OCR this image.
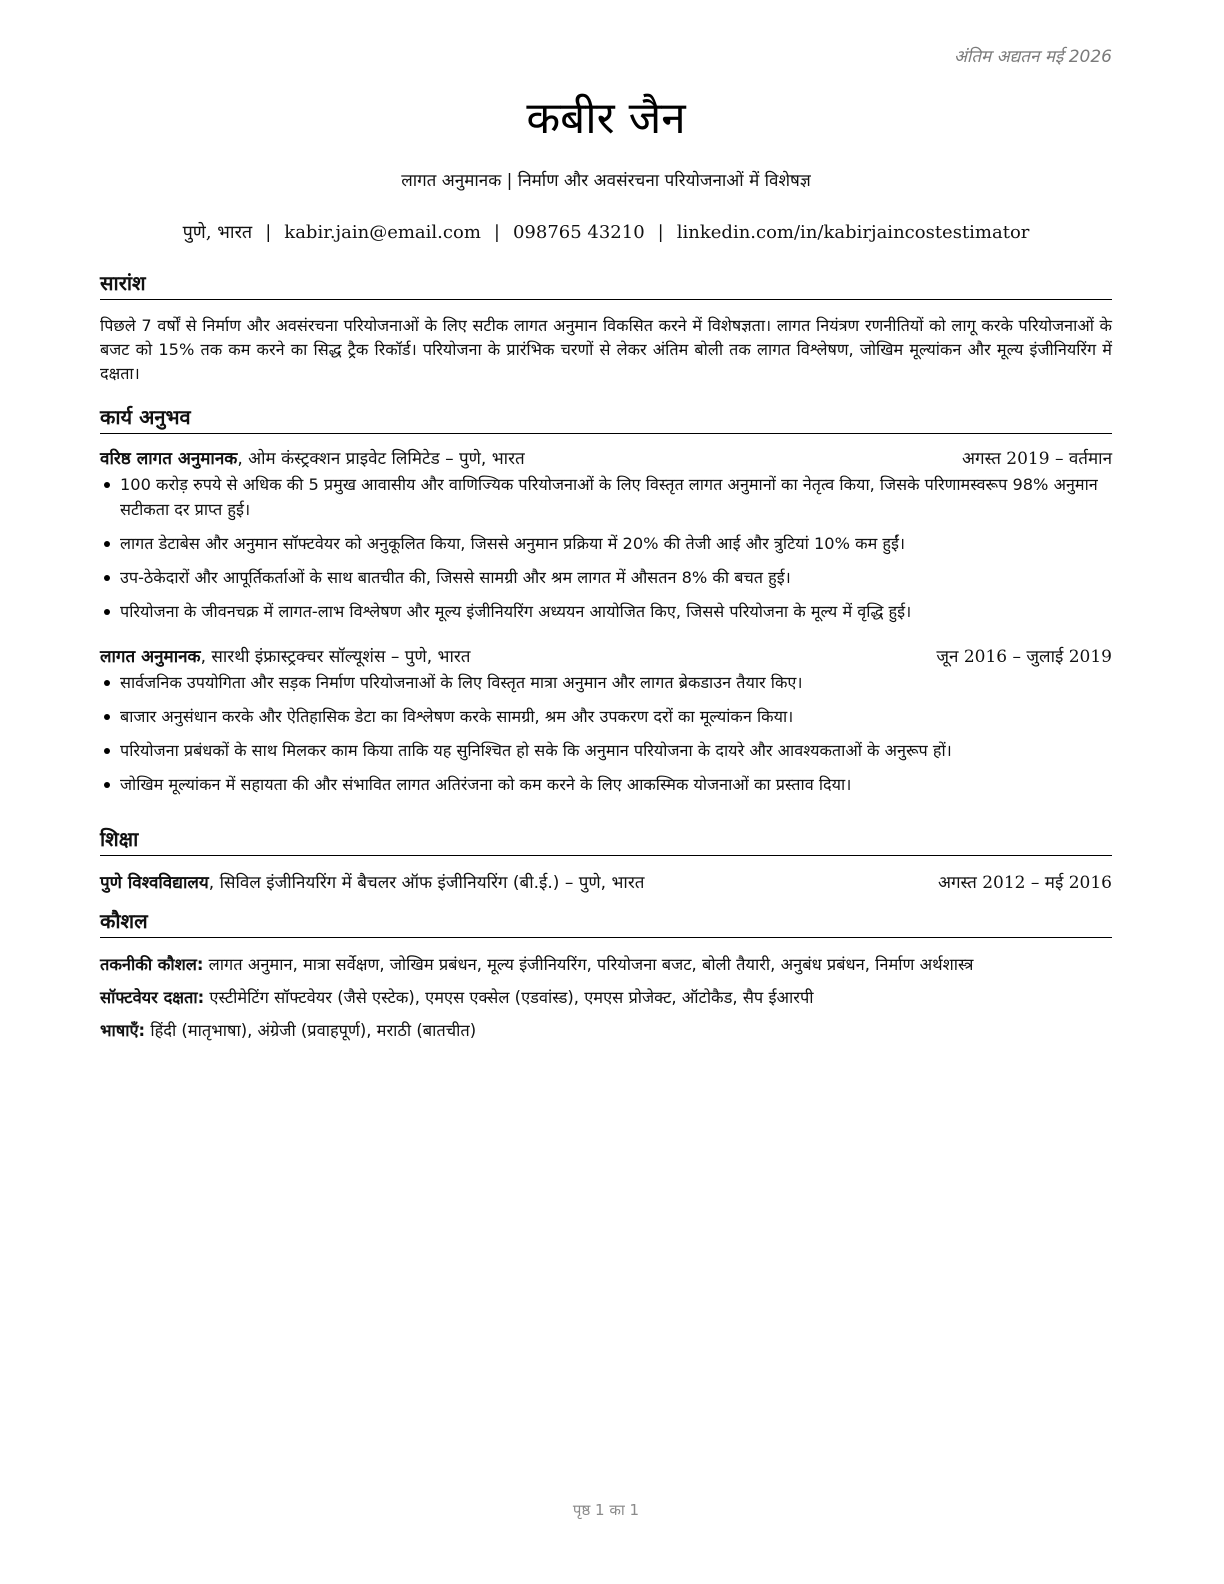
अंतिम अद्यतन मई 2026
कबीर जैन
लागत अनुमानक | निर्माण और अवसंरचना परियोजनाओं में विशेषज्ञ
पुणे, भारत | kabir.jain@email.com | 098765 43210 | linkedin.com/in/kabirjaincostestimator
सारांश
पिछले 7 वर्षों से निर्माण और अवसंरचना परियोजनाओं के लिए सटीक लागत अनुमान विकसित करने में विशेषज्ञता। लागत नियंत्रण रणनीतियों को लागू करके परियोजनाओं के बजट को 15% तक कम करने का सिद्ध ट्रैक रिकॉर्ड। परियोजना के प्रारंभिक चरणों से लेकर अंतिम बोली तक लागत विश्लेषण, जोखिम मूल्यांकन और मूल्य इंजीनियरिंग में दक्षता।
कार्य अनुभव
वरिष्ठ लागत अनुमानक, ओम कंस्ट्रक्शन प्राइवेट लिमिटेड – पुणे, भारत	अगस्त 2019 – वर्तमान
100 करोड़ रुपये से अधिक की 5 प्रमुख आवासीय और वाणिज्यिक परियोजनाओं के लिए विस्तृत लागत अनुमानों का नेतृत्व किया, जिसके परिणामस्वरूप 98% अनुमान सटीकता दर प्राप्त हुई।
लागत डेटाबेस और अनुमान सॉफ्टवेयर को अनुकूलित किया, जिससे अनुमान प्रक्रिया में 20% की तेजी आई और त्रुटियां 10% कम हुईं।
उप-ठेकेदारों और आपूर्तिकर्ताओं के साथ बातचीत की, जिससे सामग्री और श्रम लागत में औसतन 8% की बचत हुई।
परियोजना के जीवनचक्र में लागत-लाभ विश्लेषण और मूल्य इंजीनियरिंग अध्ययन आयोजित किए, जिससे परियोजना के मूल्य में वृद्धि हुई।
लागत अनुमानक, सारथी इंफ्रास्ट्रक्चर सॉल्यूशंस – पुणे, भारत	जून 2016 – जुलाई 2019
सार्वजनिक उपयोगिता और सड़क निर्माण परियोजनाओं के लिए विस्तृत मात्रा अनुमान और लागत ब्रेकडाउन तैयार किए।
बाजार अनुसंधान करके और ऐतिहासिक डेटा का विश्लेषण करके सामग्री, श्रम और उपकरण दरों का मूल्यांकन किया।
परियोजना प्रबंधकों के साथ मिलकर काम किया ताकि यह सुनिश्चित हो सके कि अनुमान परियोजना के दायरे और आवश्यकताओं के अनुरूप हों।
जोखिम मूल्यांकन में सहायता की और संभावित लागत अतिरंजना को कम करने के लिए आकस्मिक योजनाओं का प्रस्ताव दिया।
शिक्षा
पुणे विश्वविद्यालय, सिविल इंजीनियरिंग में बैचलर ऑफ इंजीनियरिंग (बी.ई.) – पुणे, भारत	अगस्त 2012 – मई 2016
कौशल
तकनीकी कौशल: लागत अनुमान, मात्रा सर्वेक्षण, जोखिम प्रबंधन, मूल्य इंजीनियरिंग, परियोजना बजट, बोली तैयारी, अनुबंध प्रबंधन, निर्माण अर्थशास्त्र
सॉफ्टवेयर दक्षता: एस्टीमेटिंग सॉफ्टवेयर (जैसे एस्टेक), एमएस एक्सेल (एडवांस्ड), एमएस प्रोजेक्ट, ऑटोकैड, सैप ईआरपी
भाषाएँ: हिंदी (मातृभाषा), अंग्रेजी (प्रवाहपूर्ण), मराठी (बातचीत)
पृष्ठ 1 का 1
